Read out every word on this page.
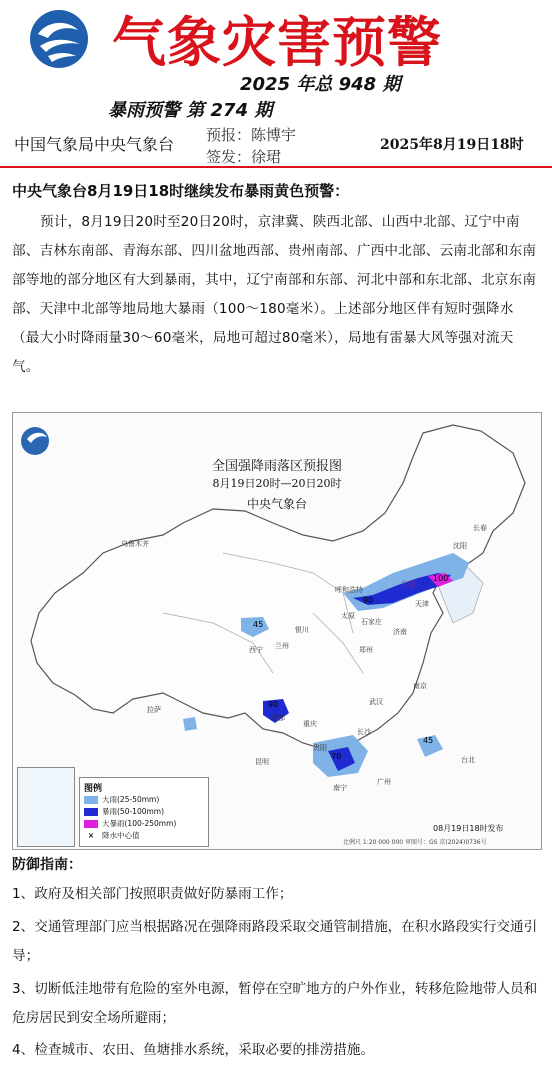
气象灾害预警
2025 年总 948 期
暴雨预警 第 274 期
中国气象局中央气象台 预报：陈博宇
签发：徐珺
2025年8月19日18时
中央气象台8月19日18时继续发布暴雨黄色预警：
预计，8月19日20时至20日20时，京津冀、陕西北部、山西中北部、辽宁中南部、吉林东南部、青海东部、四川盆地西部、贵州南部、广西中北部、云南北部和东南部等地的部分地区有大到暴雨，其中，辽宁南部和东部、河北中部和东北部、北京东南部、天津中北部等地局地大暴雨（100～180毫米）。上述部分地区伴有短时强降水（最大小时降雨量30～60毫米，局地可超过80毫米），局地有雷暴大风等强对流天气。
45
90
70
90
100
45
全国强降雨落区预报图
8月19日20时—20日20时
中央气象台
乌鲁木齐
北京
沈阳
呼和浩特
银川
兰州
西宁
成都
重庆
拉萨
昆明
南宁
广州
台北
武汉
南京
济南
郑州
长沙
贵阳
太原
石家庄
天津
长春
图例
大雨(25-50mm)
暴雨(50-100mm)
大暴雨(100-250mm)
× 降水中心值
08月19日18时发布
比例尺 1:20 000 000 审图号：GS 京(2024)0736号
防御指南：
1、政府及相关部门按照职责做好防暴雨工作；
2、交通管理部门应当根据路况在强降雨路段采取交通管制措施，在积水路段实行交通引导；
3、切断低洼地带有危险的室外电源，暂停在空旷地方的户外作业，转移危险地带人员和危房居民到安全场所避雨；
4、检查城市、农田、鱼塘排水系统，采取必要的排涝措施。
